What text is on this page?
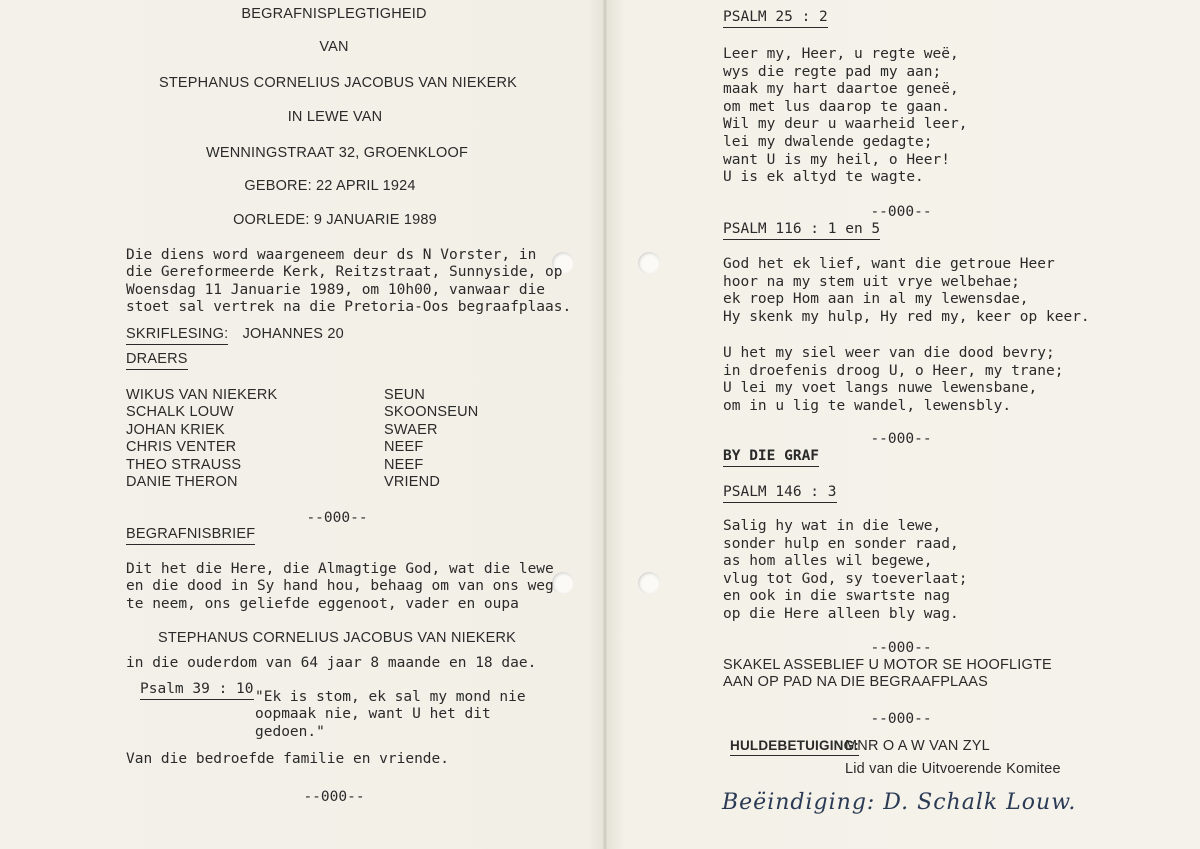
BEGRAFNISPLEGTIGHEID
VAN
STEPHANUS CORNELIUS JACOBUS VAN NIEKERK
IN LEWE VAN
WENNINGSTRAAT 32, GROENKLOOF
GEBORE: 22 APRIL 1924
OORLEDE: 9 JANUARIE 1989
Die diens word waargeneem deur ds N Vorster, in
die Gereformeerde Kerk, Reitzstraat, Sunnyside, op
Woensdag 11 Januarie 1989, om 10h00, vanwaar die
stoet sal vertrek na die Pretoria-Oos begraafplaas.
SKRIFLESING: JOHANNES 20
DRAERS
WIKUS VAN NIEKERK
SCHALK LOUW
JOHAN KRIEK
CHRIS VENTER
THEO STRAUSS
DANIE THERON
SEUN
SKOONSEUN
SWAER
NEEF
NEEF
VRIEND
--000--
BEGRAFNISBRIEF
Dit het die Here, die Almagtige God, wat die lewe
en die dood in Sy hand hou, behaag om van ons weg
te neem, ons geliefde eggenoot, vader en oupa
STEPHANUS CORNELIUS JACOBUS VAN NIEKERK
in die ouderdom van 64 jaar 8 maande en 18 dae.
Psalm 39 : 10 "Ek is stom, ek sal my mond nie
oopmaak nie, want U het dit
gedoen."
Van die bedroefde familie en vriende.
--000--
PSALM 25 : 2
Leer my, Heer, u regte weë,
wys die regte pad my aan;
maak my hart daartoe geneë,
om met lus daarop te gaan.
Wil my deur u waarheid leer,
lei my dwalende gedagte;
want U is my heil, o Heer!
U is ek altyd te wagte.
--000--
PSALM 116 : 1 en 5
God het ek lief, want die getroue Heer
hoor na my stem uit vrye welbehae;
ek roep Hom aan in al my lewensdae,
Hy skenk my hulp, Hy red my, keer op keer.
U het my siel weer van die dood bevry;
in droefenis droog U, o Heer, my trane;
U lei my voet langs nuwe lewensbane,
om in u lig te wandel, lewensbly.
--000--
BY DIE GRAF
PSALM 146 : 3
Salig hy wat in die lewe,
sonder hulp en sonder raad,
as hom alles wil begewe,
vlug tot God, sy toeverlaat;
en ook in die swartste nag
op die Here alleen bly wag.
--000--
SKAKEL ASSEBLIEF U MOTOR SE HOOFLIGTE
AAN OP PAD NA DIE BEGRAAFPLAAS
--000--
HULDEBETUIGING:
MNR O A W VAN ZYL
Lid van die Uitvoerende Komitee
Beëindiging: D. Schalk Louw.
